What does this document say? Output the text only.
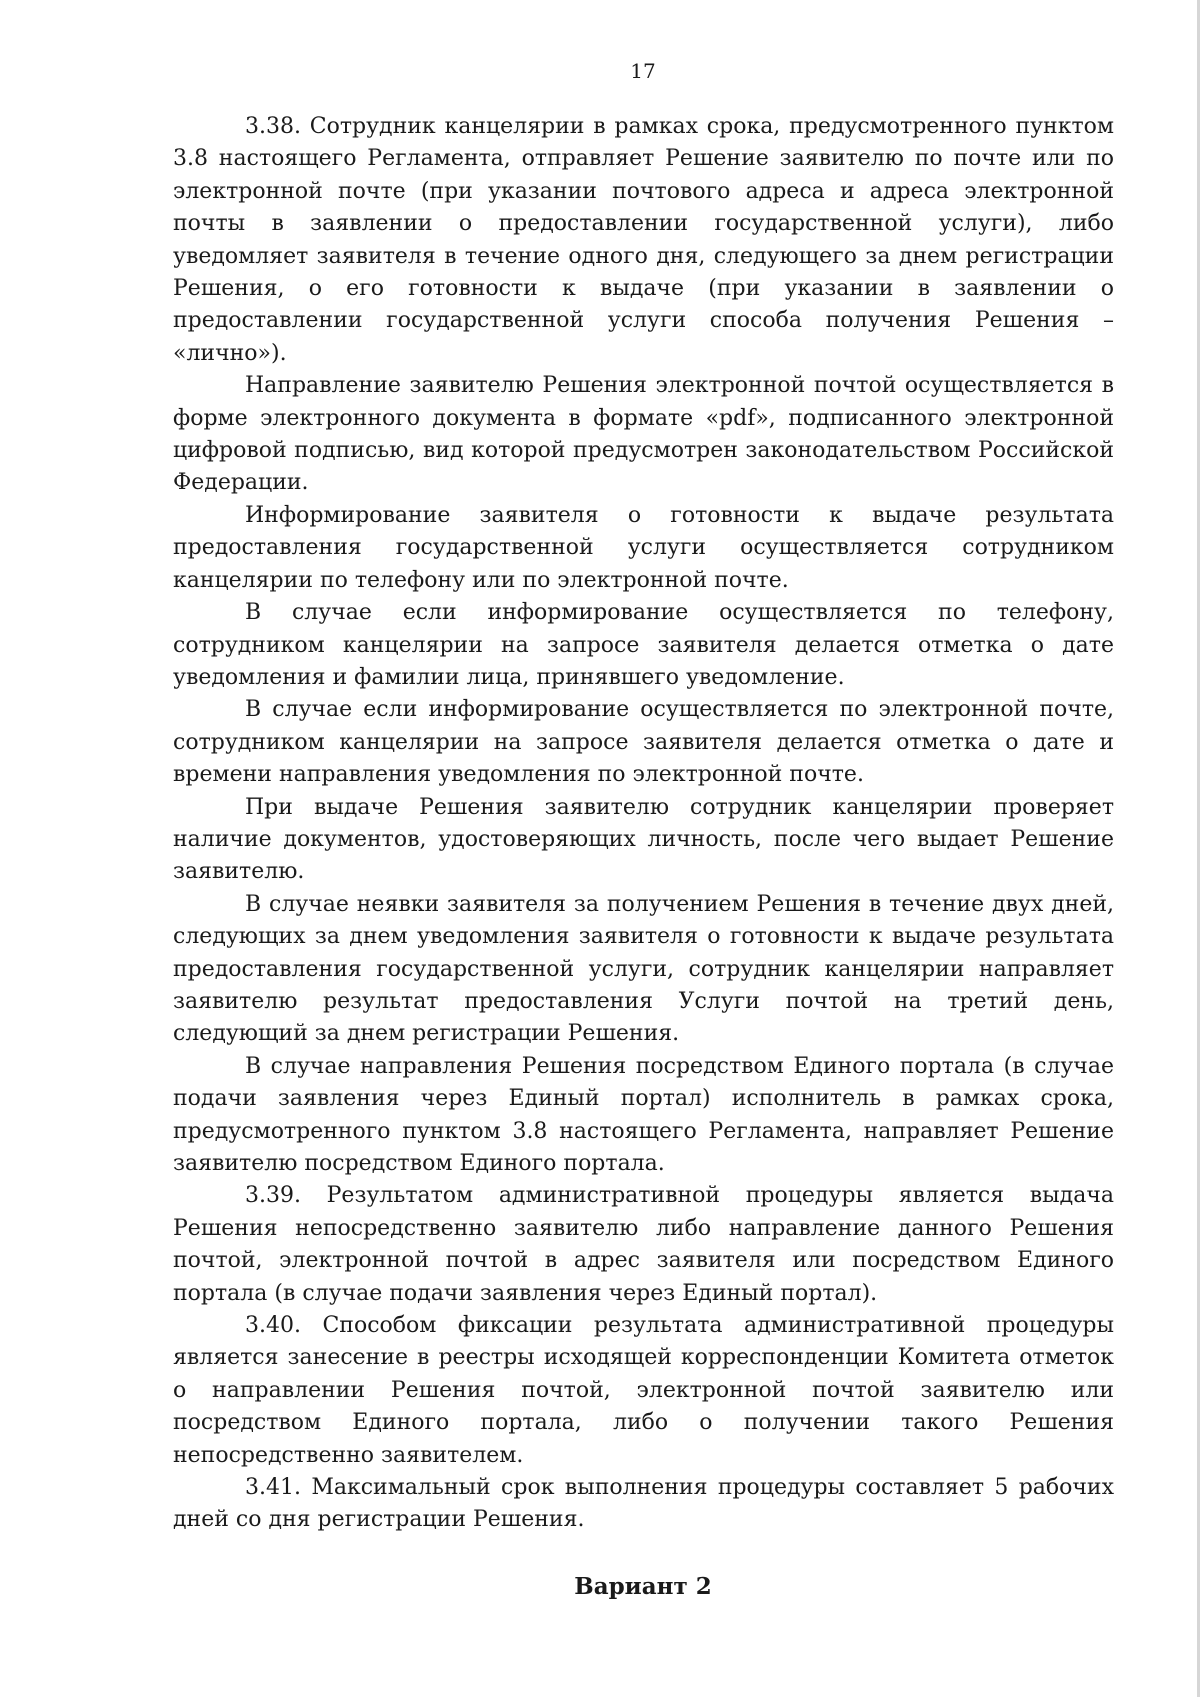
17

3.38. Сотрудник канцелярии в рамках срока, предусмотренного пунктом 3.8 настоящего Регламента, отправляет Решение заявителю по почте или по электронной почте (при указании почтового адреса и адреса электронной почты в заявлении о предоставлении государственной услуги), либо уведомляет заявителя в течение одного дня, следующего за днем регистрации Решения, о его готовности к выдаче (при указании в заявлении о предоставлении государственной услуги способа получения Решения – «лично»).

Направление заявителю Решения электронной почтой осуществляется в форме электронного документа в формате «pdf», подписанного электронной цифровой подписью, вид которой предусмотрен законодательством Российской Федерации.

Информирование заявителя о готовности к выдаче результата предоставления государственной услуги осуществляется сотрудником канцелярии по телефону или по электронной почте.

В случае если информирование осуществляется по телефону, сотрудником канцелярии на запросе заявителя делается отметка о дате уведомления и фамилии лица, принявшего уведомление.

В случае если информирование осуществляется по электронной почте, сотрудником канцелярии на запросе заявителя делается отметка о дате и времени направления уведомления по электронной почте.

При выдаче Решения заявителю сотрудник канцелярии проверяет наличие документов, удостоверяющих личность, после чего выдает Решение заявителю.

В случае неявки заявителя за получением Решения в течение двух дней, следующих за днем уведомления заявителя о готовности к выдаче результата предоставления государственной услуги, сотрудник канцелярии направляет заявителю результат предоставления Услуги почтой на третий день, следующий за днем регистрации Решения.

В случае направления Решения посредством Единого портала (в случае подачи заявления через Единый портал) исполнитель в рамках срока, предусмотренного пунктом 3.8 настоящего Регламента, направляет Решение заявителю посредством Единого портала.

3.39. Результатом административной процедуры является выдача Решения непосредственно заявителю либо направление данного Решения почтой, электронной почтой в адрес заявителя или посредством Единого портала (в случае подачи заявления через Единый портал).

3.40. Способом фиксации результата административной процедуры является занесение в реестры исходящей корреспонденции Комитета отметок о направлении Решения почтой, электронной почтой заявителю или посредством Единого портала, либо о получении такого Решения непосредственно заявителем.

3.41. Максимальный срок выполнения процедуры составляет 5 рабочих дней со дня регистрации Решения.

Вариант 2
